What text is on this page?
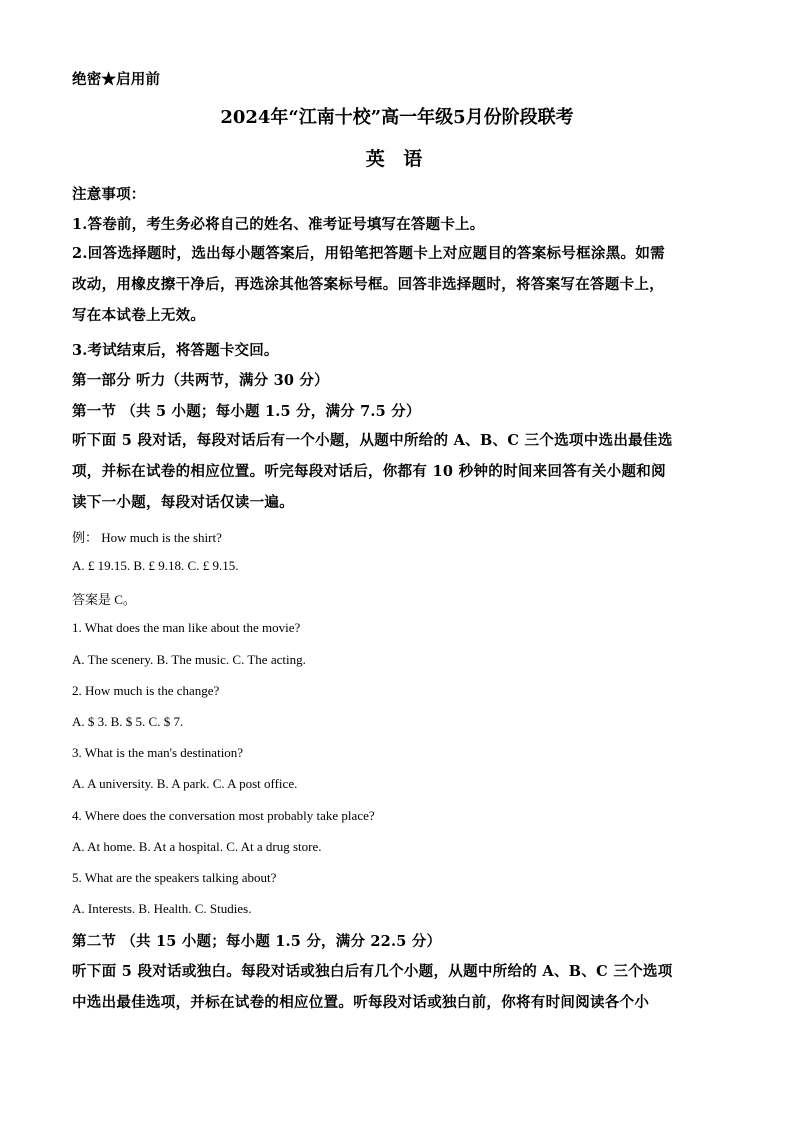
绝密★启用前
2024年“江南十校”高一年级5月份阶段联考
英 语
注意事项：
1.答卷前，考生务必将自己的姓名、准考证号填写在答题卡上。
2.回答选择题时，选出每小题答案后，用铅笔把答题卡上对应题目的答案标号框涂黑。如需
改动，用橡皮擦干净后，再选涂其他答案标号框。回答非选择题时，将答案写在答题卡上，
写在本试卷上无效。
3.考试结束后，将答题卡交回。
第一部分 听力（共两节，满分 30 分）
第一节 （共 5 小题；每小题 1.5 分，满分 7.5 分）
听下面 5 段对话，每段对话后有一个小题，从题中所给的 A、B、C 三个选项中选出最佳选
项，并标在试卷的相应位置。听完每段对话后，你都有 10 秒钟的时间来回答有关小题和阅
读下一小题，每段对话仅读一遍。
例： How much is the shirt?
A. £ 19.15. B. £ 9.18. C. £ 9.15.
答案是 C。
1. What does the man like about the movie?
A. The scenery. B. The music. C. The acting.
2. How much is the change?
A. $ 3. B. $ 5. C. $ 7.
3. What is the man's destination?
A. A university. B. A park. C. A post office.
4. Where does the conversation most probably take place?
A. At home. B. At a hospital. C. At a drug store.
5. What are the speakers talking about?
A. Interests. B. Health. C. Studies.
第二节 （共 15 小题；每小题 1.5 分，满分 22.5 分）
听下面 5 段对话或独白。每段对话或独白后有几个小题，从题中所给的 A、B、C 三个选项
中选出最佳选项，并标在试卷的相应位置。听每段对话或独白前，你将有时间阅读各个小
